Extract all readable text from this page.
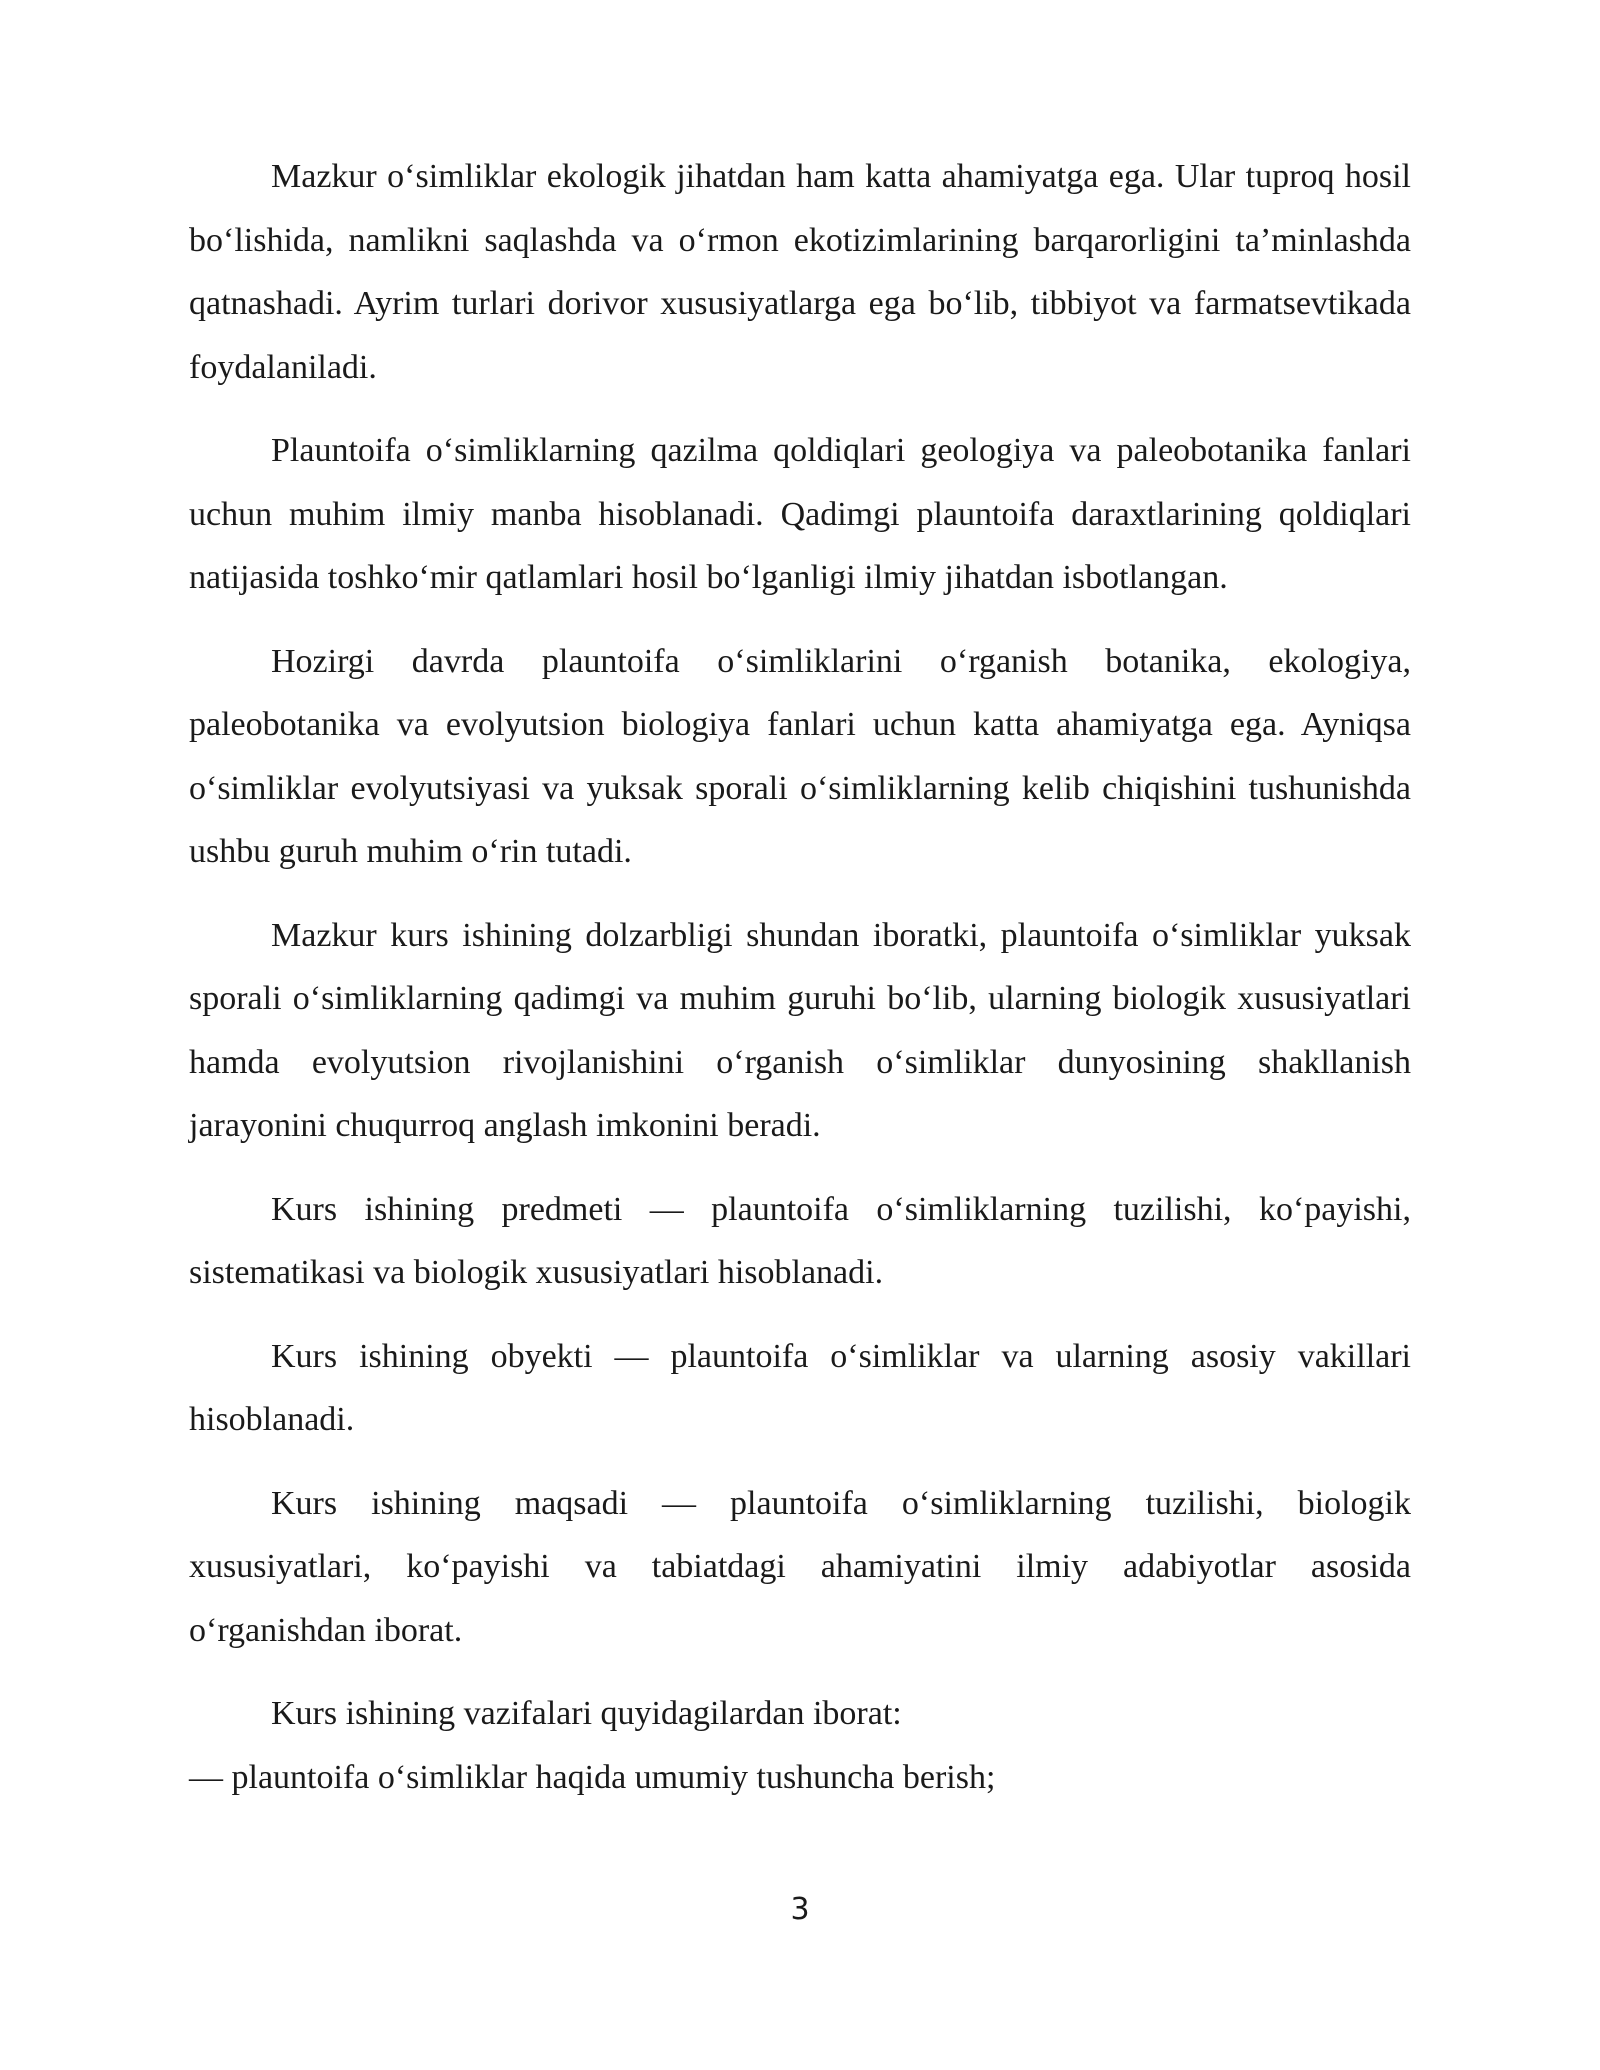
Mazkur o‘simliklar ekologik jihatdan ham katta ahamiyatga ega. Ular tuproq hosil bo‘lishida, namlikni saqlashda va o‘rmon ekotizimlarining barqarorligini ta’minlashda qatnashadi. Ayrim turlari dorivor xususiyatlarga ega bo‘lib, tibbiyot va farmatsevtikada foydalaniladi.

Plauntoifa o‘simliklarning qazilma qoldiqlari geologiya va paleobotanika fanlari uchun muhim ilmiy manba hisoblanadi. Qadimgi plauntoifa daraxtlarining qoldiqlari natijasida toshko‘mir qatlamlari hosil bo‘lganligi ilmiy jihatdan isbotlangan.

Hozirgi davrda plauntoifa o‘simliklarini o‘rganish botanika, ekologiya, paleobotanika va evolyutsion biologiya fanlari uchun katta ahamiyatga ega. Ayniqsa o‘simliklar evolyutsiyasi va yuksak sporali o‘simliklarning kelib chiqishini tushunishda ushbu guruh muhim o‘rin tutadi.

Mazkur kurs ishining dolzarbligi shundan iboratki, plauntoifa o‘simliklar yuksak sporali o‘simliklarning qadimgi va muhim guruhi bo‘lib, ularning biologik xususiyatlari hamda evolyutsion rivojlanishini o‘rganish o‘simliklar dunyosining shakllanish jarayonini chuqurroq anglash imkonini beradi.

Kurs ishining predmeti — plauntoifa o‘simliklarning tuzilishi, ko‘payishi, sistematikasi va biologik xususiyatlari hisoblanadi.

Kurs ishining obyekti — plauntoifa o‘simliklar va ularning asosiy vakillari hisoblanadi.

Kurs ishining maqsadi — plauntoifa o‘simliklarning tuzilishi, biologik xususiyatlari, ko‘payishi va tabiatdagi ahamiyatini ilmiy adabiyotlar asosida o‘rganishdan iborat.

Kurs ishining vazifalari quyidagilardan iborat:

— plauntoifa o‘simliklar haqida umumiy tushuncha berish;

3
